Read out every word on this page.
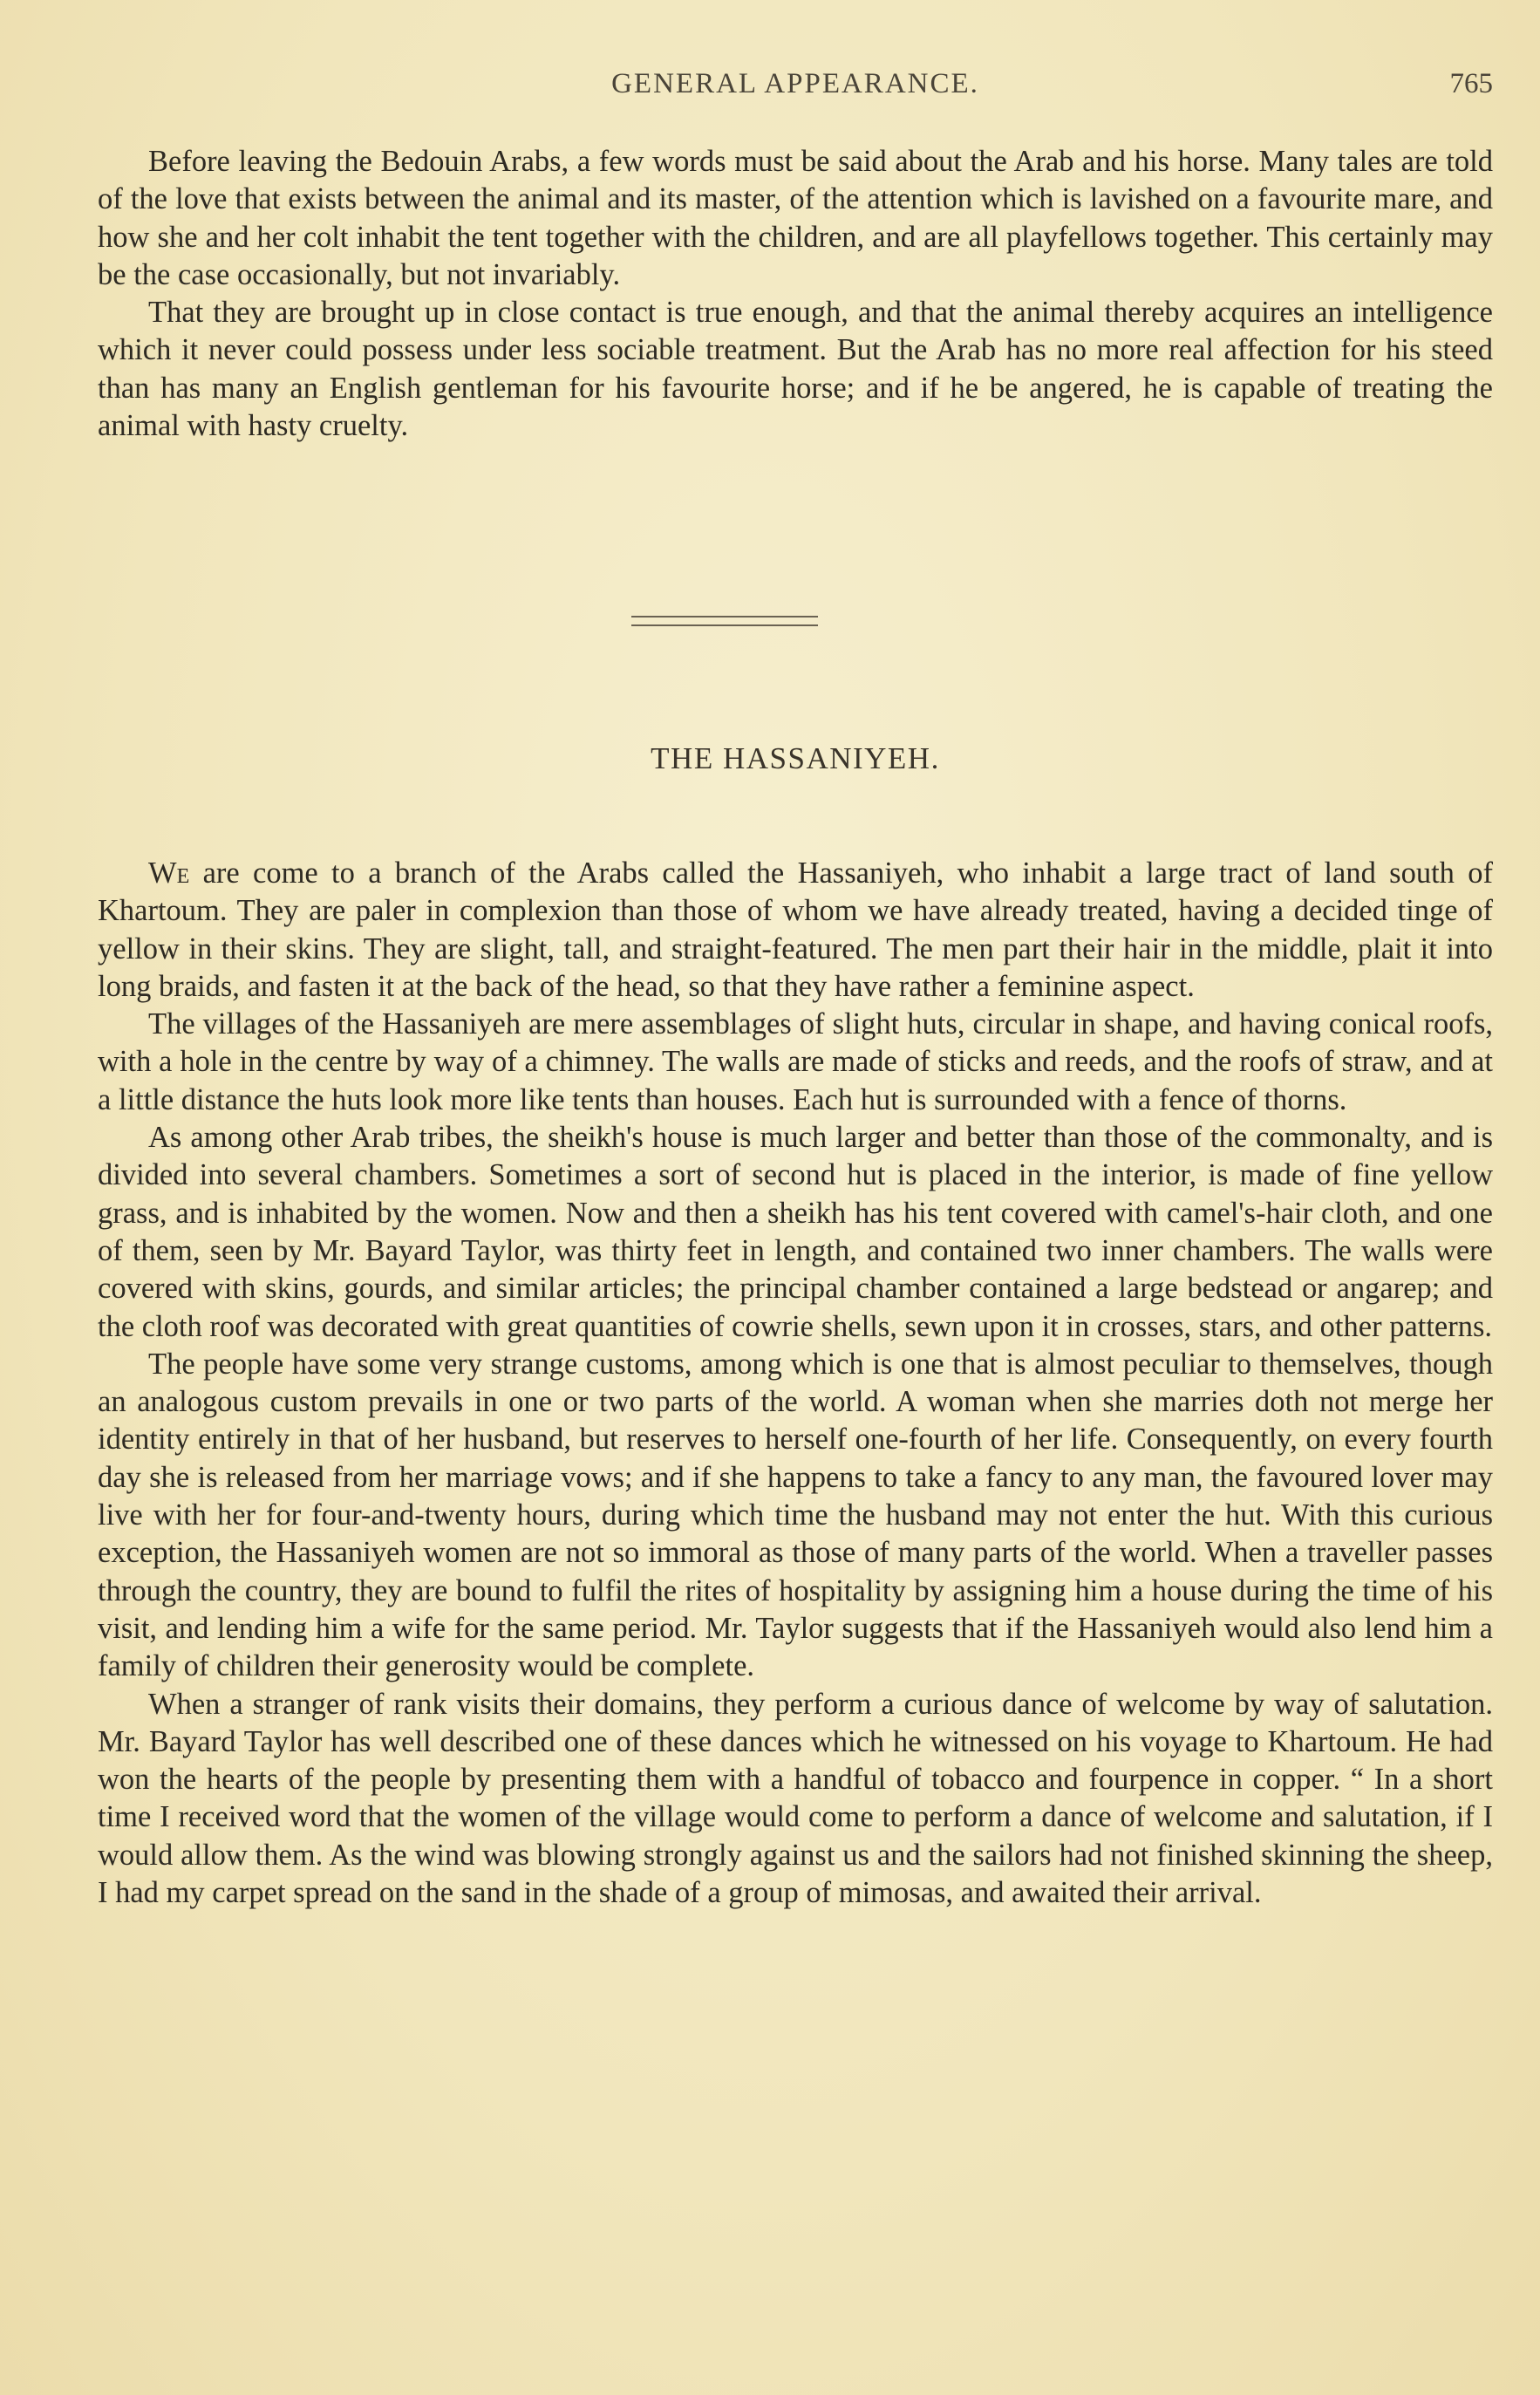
GENERAL APPEARANCE.	765

Before leaving the Bedouin Arabs, a few words must be said about the Arab and his horse. Many tales are told of the love that exists between the animal and its master, of the attention which is lavished on a favourite mare, and how she and her colt inhabit the tent together with the children, and are all playfellows together. This certainly may be the case occasionally, but not invariably.

That they are brought up in close contact is true enough, and that the animal thereby acquires an intelligence which it never could possess under less sociable treatment. But the Arab has no more real affection for his steed than has many an English gentleman for his favourite horse; and if he be angered, he is capable of treating the animal with hasty cruelty.

THE HASSANIYEH.

We are come to a branch of the Arabs called the Hassaniyeh, who inhabit a large tract of land south of Khartoum. They are paler in complexion than those of whom we have already treated, having a decided tinge of yellow in their skins. They are slight, tall, and straight-featured. The men part their hair in the middle, plait it into long braids, and fasten it at the back of the head, so that they have rather a feminine aspect.

The villages of the Hassaniyeh are mere assemblages of slight huts, circular in shape, and having conical roofs, with a hole in the centre by way of a chimney. The walls are made of sticks and reeds, and the roofs of straw, and at a little distance the huts look more like tents than houses. Each hut is surrounded with a fence of thorns.

As among other Arab tribes, the sheikh's house is much larger and better than those of the commonalty, and is divided into several chambers. Sometimes a sort of second hut is placed in the interior, is made of fine yellow grass, and is inhabited by the women. Now and then a sheikh has his tent covered with camel's-hair cloth, and one of them, seen by Mr. Bayard Taylor, was thirty feet in length, and contained two inner chambers. The walls were covered with skins, gourds, and similar articles; the principal chamber contained a large bedstead or angarep; and the cloth roof was decorated with great quantities of cowrie shells, sewn upon it in crosses, stars, and other patterns.

The people have some very strange customs, among which is one that is almost peculiar to themselves, though an analogous custom prevails in one or two parts of the world. A woman when she marries doth not merge her identity entirely in that of her husband, but reserves to herself one-fourth of her life. Consequently, on every fourth day she is released from her marriage vows; and if she happens to take a fancy to any man, the favoured lover may live with her for four-and-twenty hours, during which time the husband may not enter the hut. With this curious exception, the Hassaniyeh women are not so immoral as those of many parts of the world. When a traveller passes through the country, they are bound to fulfil the rites of hospitality by assigning him a house during the time of his visit, and lending him a wife for the same period. Mr. Taylor suggests that if the Hassaniyeh would also lend him a family of children their generosity would be complete.

When a stranger of rank visits their domains, they perform a curious dance of welcome by way of salutation. Mr. Bayard Taylor has well described one of these dances which he witnessed on his voyage to Khartoum. He had won the hearts of the people by presenting them with a handful of tobacco and fourpence in copper. “ In a short time I received word that the women of the village would come to perform a dance of welcome and salutation, if I would allow them. As the wind was blowing strongly against us and the sailors had not finished skinning the sheep, I had my carpet spread on the sand in the shade of a group of mimosas, and awaited their arrival.
